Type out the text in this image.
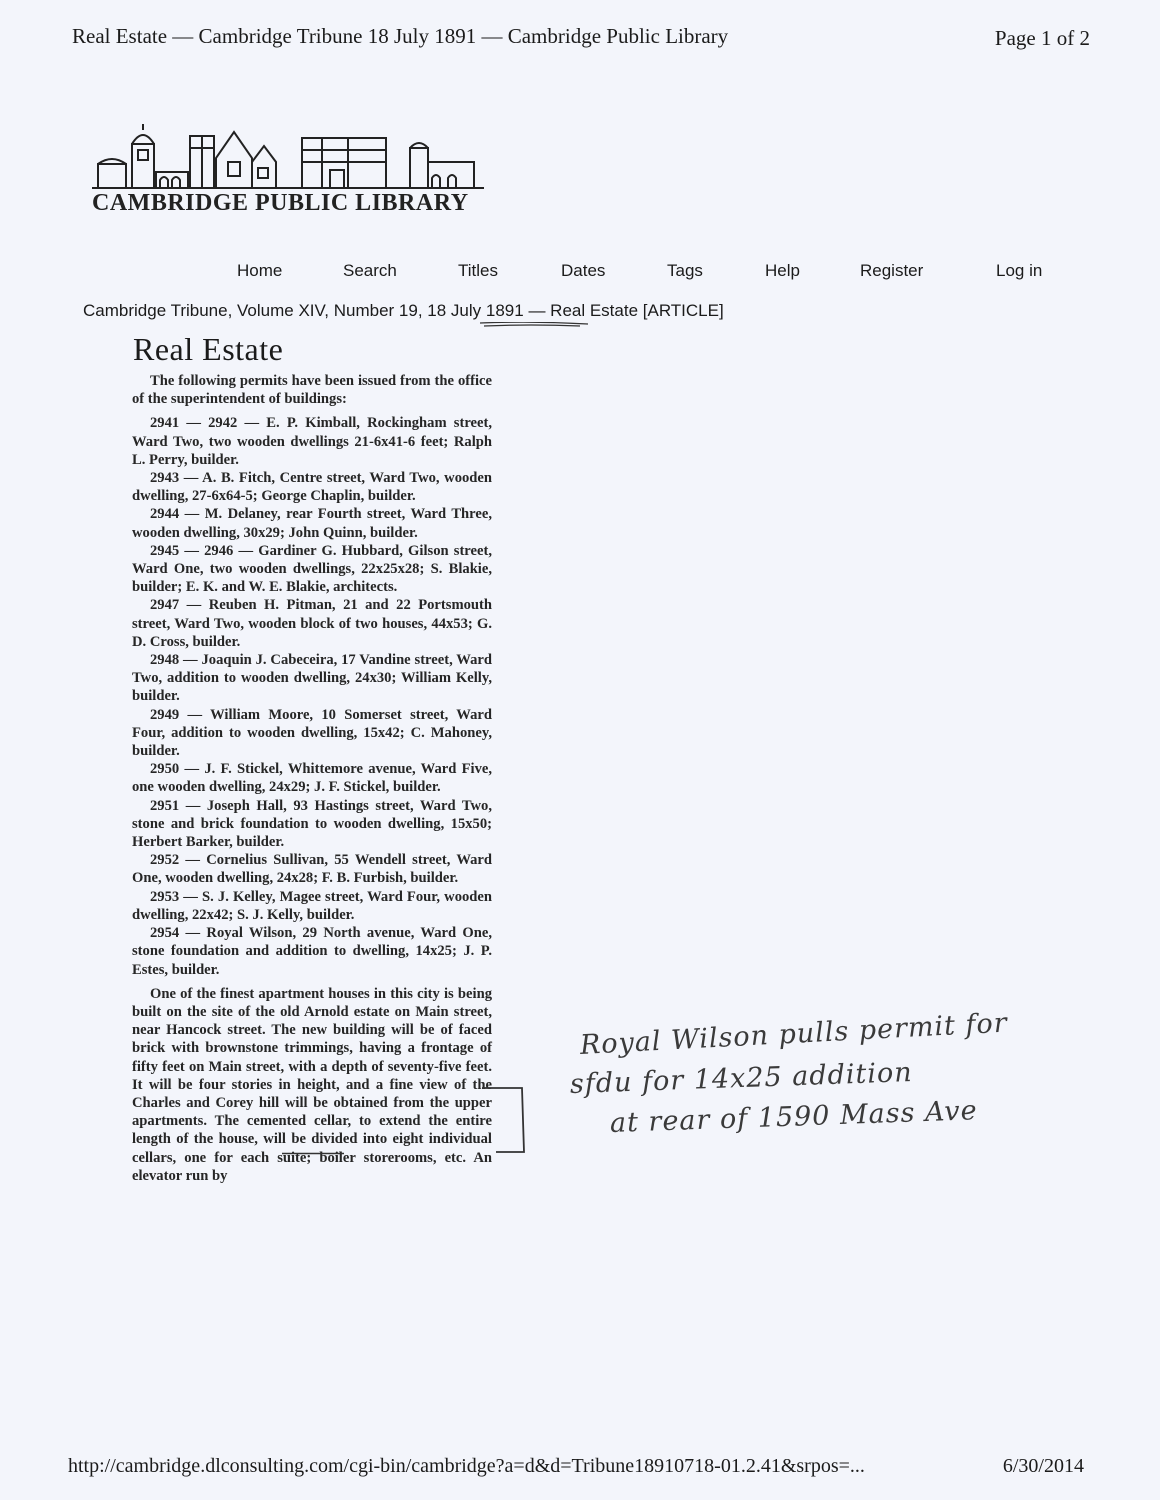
Real Estate — Cambridge Tribune 18 July 1891 — Cambridge Public Library	Page 1 of 2
CAMBRIDGE PUBLIC LIBRARY
Home	Search	Titles	Dates	Tags	Help	Register	Log in
Cambridge Tribune, Volume XIV, Number 19, 18 July 1891 — Real Estate [ARTICLE]
Real Estate

The following permits have been issued from the office of the superintendent of buildings:

2941 — 2942 — E. P. Kimball, Rockingham street, Ward Two, two wooden dwellings 21-6x41-6 feet; Ralph L. Perry, builder.

2943 — A. B. Fitch, Centre street, Ward Two, wooden dwelling, 27-6x64-5; George Chaplin, builder.

2944 — M. Delaney, rear Fourth street, Ward Three, wooden dwelling, 30x29; John Quinn, builder.

2945 — 2946 — Gardiner G. Hubbard, Gilson street, Ward One, two wooden dwellings, 22x25x28; S. Blakie, builder; E. K. and W. E. Blakie, architects.

2947 — Reuben H. Pitman, 21 and 22 Portsmouth street, Ward Two, wooden block of two houses, 44x53; G. D. Cross, builder.

2948 — Joaquin J. Cabeceira, 17 Vandine street, Ward Two, addition to wooden dwelling, 24x30; William Kelly, builder.

2949 — William Moore, 10 Somerset street, Ward Four, addition to wooden dwelling, 15x42; C. Mahoney, builder.

2950 — J. F. Stickel, Whittemore avenue, Ward Five, one wooden dwelling, 24x29; J. F. Stickel, builder.

2951 — Joseph Hall, 93 Hastings street, Ward Two, stone and brick foundation to wooden dwelling, 15x50; Herbert Barker, builder.

2952 — Cornelius Sullivan, 55 Wendell street, Ward One, wooden dwelling, 24x28; F. B. Furbish, builder.

2953 — S. J. Kelley, Magee street, Ward Four, wooden dwelling, 22x42; S. J. Kelly, builder.

2954 — Royal Wilson, 29 North avenue, Ward One, stone foundation and addition to dwelling, 14x25; J. P. Estes, builder.

One of the finest apartment houses in this city is being built on the site of the old Arnold estate on Main street, near Hancock street. The new building will be of faced brick with brownstone trimmings, having a frontage of fifty feet on Main street, with a depth of seventy-five feet. It will be four stories in height, and a fine view of the Charles and Corey hill will be obtained from the upper apartments. The cemented cellar, to extend the entire length of the house, will be divided into eight individual cellars, one for each suite; boiler storerooms, etc. An elevator run by

Royal Wilson pulls permit for
sfdu for 14x25 addition
at rear of 1590 Mass Ave
http://cambridge.dlconsulting.com/cgi-bin/cambridge?a=d&d=Tribune18910718-01.2.41&srpos=...	6/30/2014
